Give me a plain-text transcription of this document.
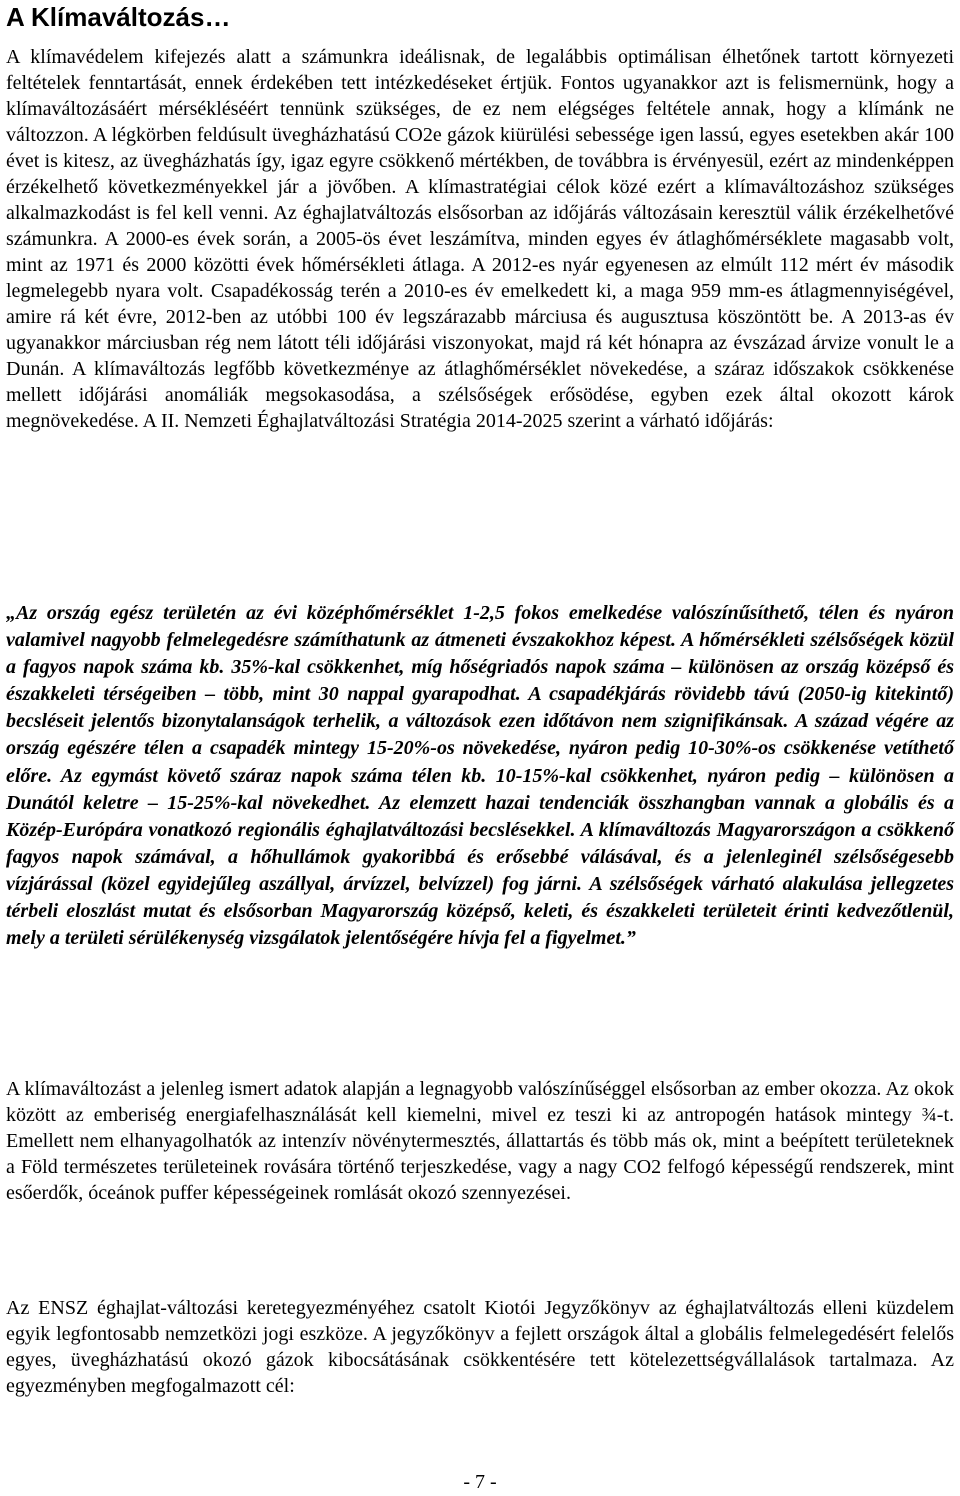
A Klímaváltozás…

A klímavédelem kifejezés alatt a számunkra ideálisnak, de legalábbis optimálisan élhetőnek tartott környezeti feltételek fenntartását, ennek érdekében tett intézkedéseket értjük. Fontos ugyanakkor azt is felismernünk, hogy a klímaváltozásáért mérsékléséért tennünk szükséges, de ez nem elégséges feltétele annak, hogy a klímánk ne változzon. A légkörben feldúsult üvegházhatású CO2e gázok kiürülési sebessége igen lassú, egyes esetekben akár 100 évet is kitesz, az üvegházhatás így, igaz egyre csökkenő mértékben, de továbbra is érvényesül, ezért az mindenképpen érzékelhető következményekkel jár a jövőben. A klímastratégiai célok közé ezért a klímaváltozáshoz szükséges alkalmazkodást is fel kell venni. Az éghajlatváltozás elsősorban az időjárás változásain keresztül válik érzékelhetővé számunkra. A 2000-es évek során, a 2005-ös évet leszámítva, minden egyes év átlaghőmérséklete magasabb volt, mint az 1971 és 2000 közötti évek hőmérsékleti átlaga. A 2012-es nyár egyenesen az elmúlt 112 mért év második legmelegebb nyara volt. Csapadékosság terén a 2010-es év emelkedett ki, a maga 959 mm-es átlagmennyiségével, amire rá két évre, 2012-ben az utóbbi 100 év legszárazabb márciusa és augusztusa köszöntött be. A 2013-as év ugyanakkor márciusban rég nem látott téli időjárási viszonyokat, majd rá két hónapra az évszázad árvize vonult le a Dunán. A klímaváltozás legfőbb következménye az átlaghőmérséklet növekedése, a száraz időszakok csökkenése mellett időjárási anomáliák megsokasodása, a szélsőségek erősödése, egyben ezek által okozott károk megnövekedése. A II. Nemzeti Éghajlatváltozási Stratégia 2014-2025 szerint a várható időjárás:

„Az ország egész területén az évi középhőmérséklet 1-2,5 fokos emelkedése valószínűsíthető, télen és nyáron valamivel nagyobb felmelegedésre számíthatunk az átmeneti évszakokhoz képest. A hőmérsékleti szélsőségek közül a fagyos napok száma kb. 35%-kal csökkenhet, míg hőségriadós napok száma – különösen az ország középső és északkeleti térségeiben – több, mint 30 nappal gyarapodhat. A csapadékjárás rövidebb távú (2050-ig kitekintő) becsléseit jelentős bizonytalanságok terhelik, a változások ezen időtávon nem szignifikánsak. A század végére az ország egészére télen a csapadék mintegy 15-20%-os növekedése, nyáron pedig 10-30%-os csökkenése vetíthető előre. Az egymást követő száraz napok száma télen kb. 10-15%-kal csökkenhet, nyáron pedig – különösen a Dunától keletre – 15-25%-kal növekedhet. Az elemzett hazai tendenciák összhangban vannak a globális és a Közép-Európára vonatkozó regionális éghajlatváltozási becslésekkel. A klímaváltozás Magyarországon a csökkenő fagyos napok számával, a hőhullámok gyakoribbá és erősebbé válásával, és a jelenleginél szélsőségesebb vízjárással (közel egyidejűleg aszállyal, árvízzel, belvízzel) fog járni. A szélsőségek várható alakulása jellegzetes térbeli eloszlást mutat és elsősorban Magyarország középső, keleti, és északkeleti területeit érinti kedvezőtlenül, mely a területi sérülékenység vizsgálatok jelentőségére hívja fel a figyelmet.”

A klímaváltozást a jelenleg ismert adatok alapján a legnagyobb valószínűséggel elsősorban az ember okozza. Az okok között az emberiség energiafelhasználását kell kiemelni, mivel ez teszi ki az antropogén hatások mintegy ¾-t. Emellett nem elhanyagolhatók az intenzív növénytermesztés, állattartás és több más ok, mint a beépített területeknek a Föld természetes területeinek rovására történő terjeszkedése, vagy a nagy CO2 felfogó képességű rendszerek, mint esőerdők, óceánok puffer képességeinek romlását okozó szennyezései.

Az ENSZ éghajlat-változási keretegyezményéhez csatolt Kiotói Jegyzőkönyv az éghajlatváltozás elleni küzdelem egyik legfontosabb nemzetközi jogi eszköze. A jegyzőkönyv a fejlett országok által a globális felmelegedésért felelős egyes, üvegházhatású okozó gázok kibocsátásának csökkentésére tett kötelezettségvállalások tartalmaza. Az egyezményben megfogalmazott cél:

- 7 -
